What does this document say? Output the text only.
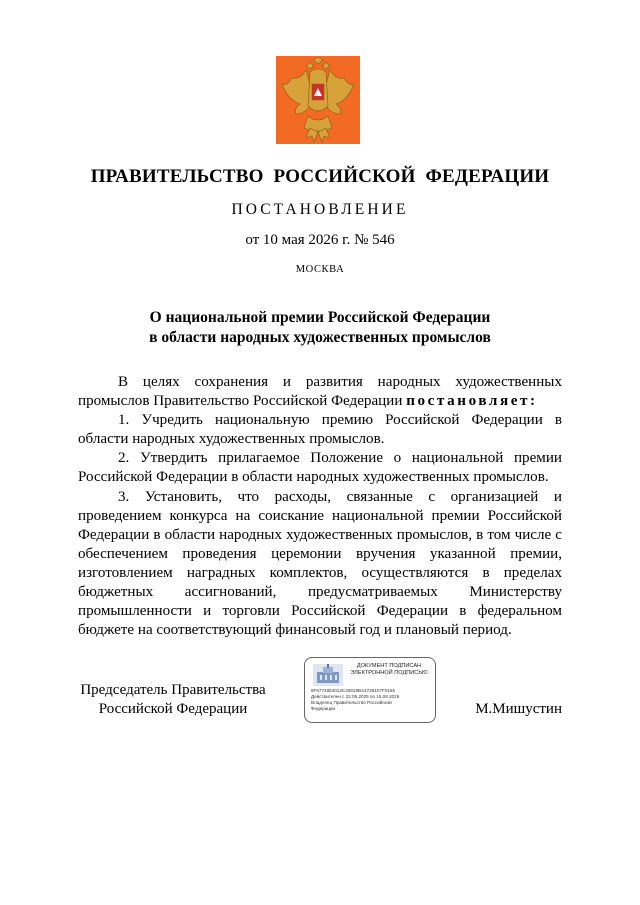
ПРАВИТЕЛЬСТВО  РОССИЙСКОЙ  ФЕДЕРАЦИИ
ПОСТАНОВЛЕНИЕ
от 10 мая 2026 г. № 546
МОСКВА
О национальной премии Российской Федерации
в области народных художественных промыслов

В целях сохранения и развития народных художественных промыслов Правительство Российской Федерации постановляет:

1. Учредить национальную премию Российской Федерации в области народных художественных промыслов.

2. Утвердить прилагаемое Положение о национальной премии Российской Федерации в области народных художественных промыслов.

3. Установить, что расходы, связанные с организацией и проведением конкурса на соискание национальной премии Российской Федерации в области народных художественных промыслов, в том числе с обеспечением проведения церемонии вручения указанной премии, изготовлением наградных комплектов, осуществляются в пределах бюджетных ассигнований, предусматриваемых Министерству промышленности и торговли Российской Федерации в федеральном бюджете на соответствующий финансовый год и плановый период.

Председатель Правительства
Российской Федерации
ДОКУМЕНТ ПОДПИСАН
ЭЛЕКТРОННОЙ ПОДПИСЬЮ
8F6774854013C40818BA4726107F0155
Действителен с 22.05.2025 по 15.08.2026
Владелец Правительство Российской
Федерации	М.Мишустин
